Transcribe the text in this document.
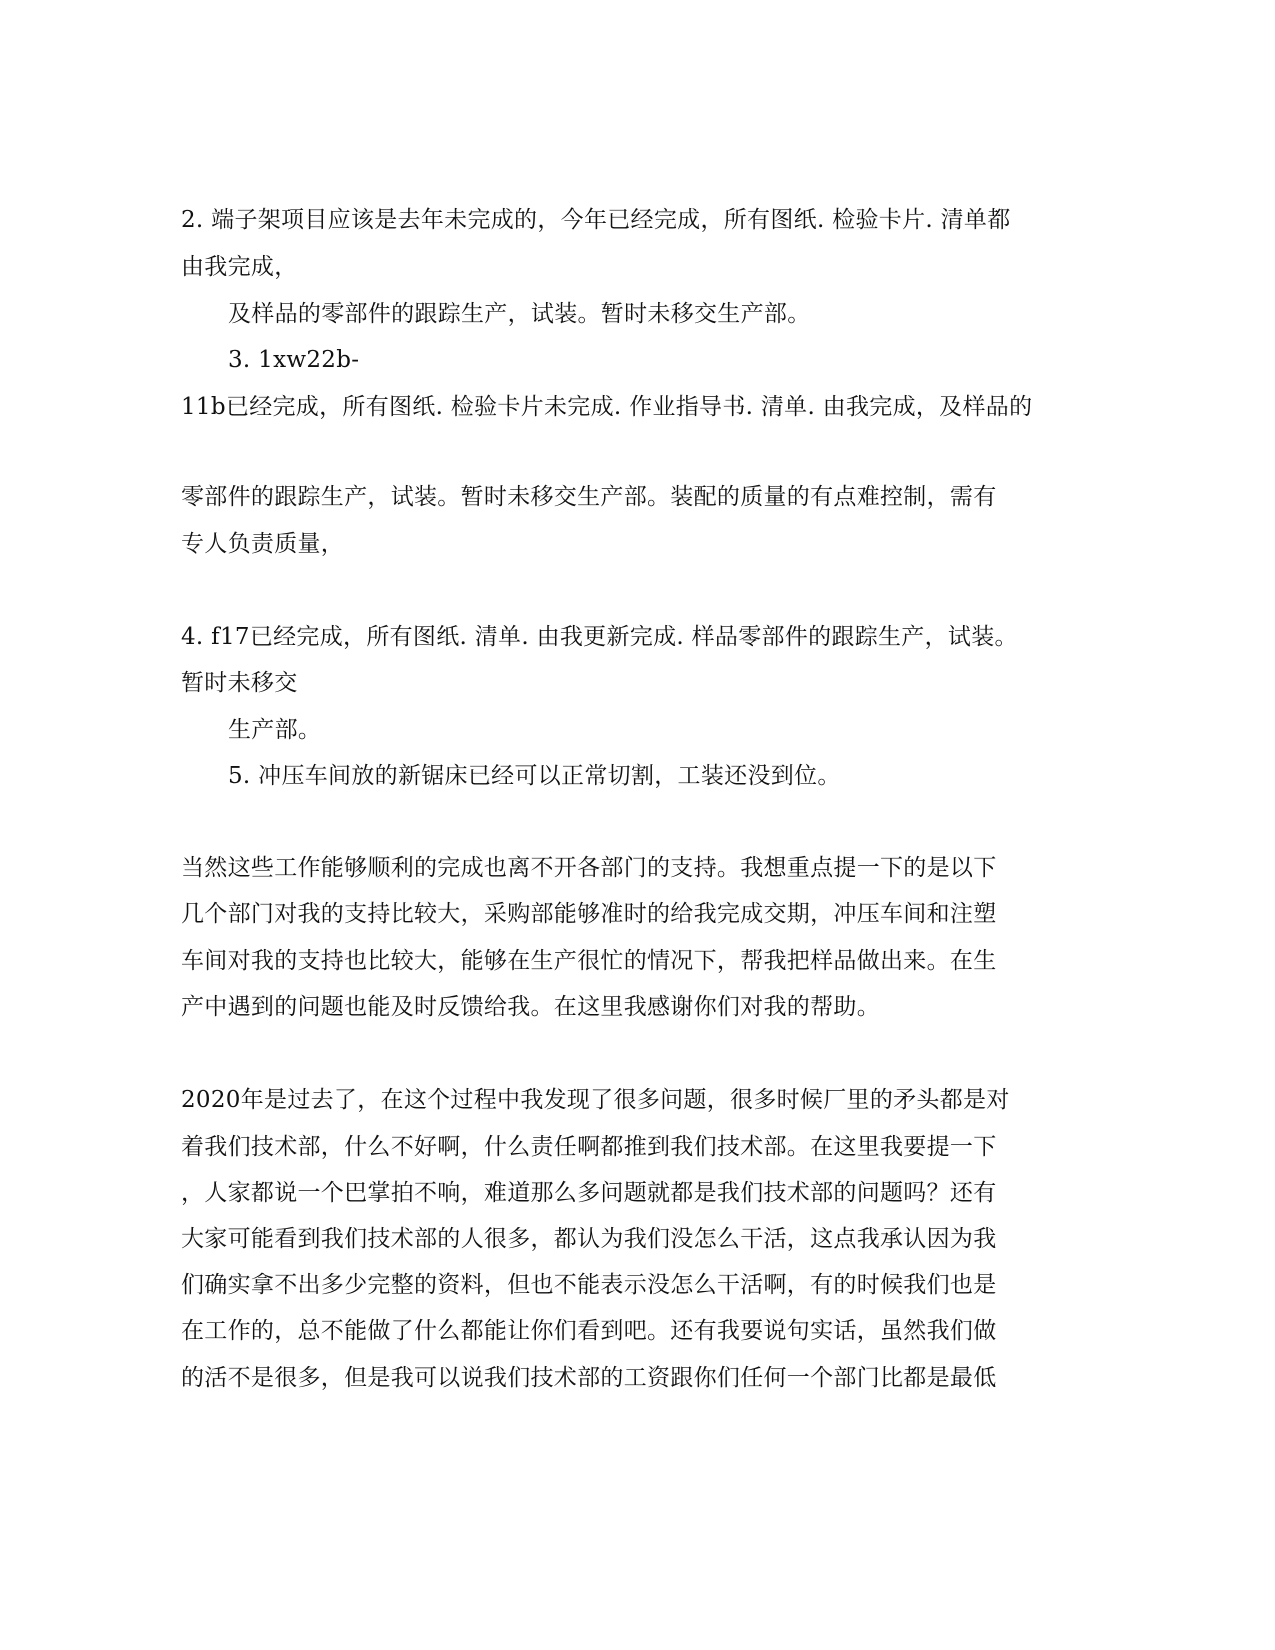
2. 端子架项目应该是去年未完成的，今年已经完成，所有图纸. 检验卡片. 清单都
由我完成，
及样品的零部件的跟踪生产，试装。暂时未移交生产部。
3. 1xw22b-
11b已经完成，所有图纸. 检验卡片未完成. 作业指导书. 清单. 由我完成，及样品的
零部件的跟踪生产，试装。暂时未移交生产部。装配的质量的有点难控制，需有
专人负责质量，
4. f17已经完成，所有图纸. 清单. 由我更新完成. 样品零部件的跟踪生产，试装。
暂时未移交
生产部。
5. 冲压车间放的新锯床已经可以正常切割，工装还没到位。
当然这些工作能够顺利的完成也离不开各部门的支持。我想重点提一下的是以下
几个部门对我的支持比较大，采购部能够准时的给我完成交期，冲压车间和注塑
车间对我的支持也比较大，能够在生产很忙的情况下，帮我把样品做出来。在生
产中遇到的问题也能及时反馈给我。在这里我感谢你们对我的帮助。
2020年是过去了，在这个过程中我发现了很多问题，很多时候厂里的矛头都是对
着我们技术部，什么不好啊，什么责任啊都推到我们技术部。在这里我要提一下
，人家都说一个巴掌拍不响，难道那么多问题就都是我们技术部的问题吗？还有
大家可能看到我们技术部的人很多，都认为我们没怎么干活，这点我承认因为我
们确实拿不出多少完整的资料，但也不能表示没怎么干活啊，有的时候我们也是
在工作的，总不能做了什么都能让你们看到吧。还有我要说句实话，虽然我们做
的活不是很多，但是我可以说我们技术部的工资跟你们任何一个部门比都是最低
